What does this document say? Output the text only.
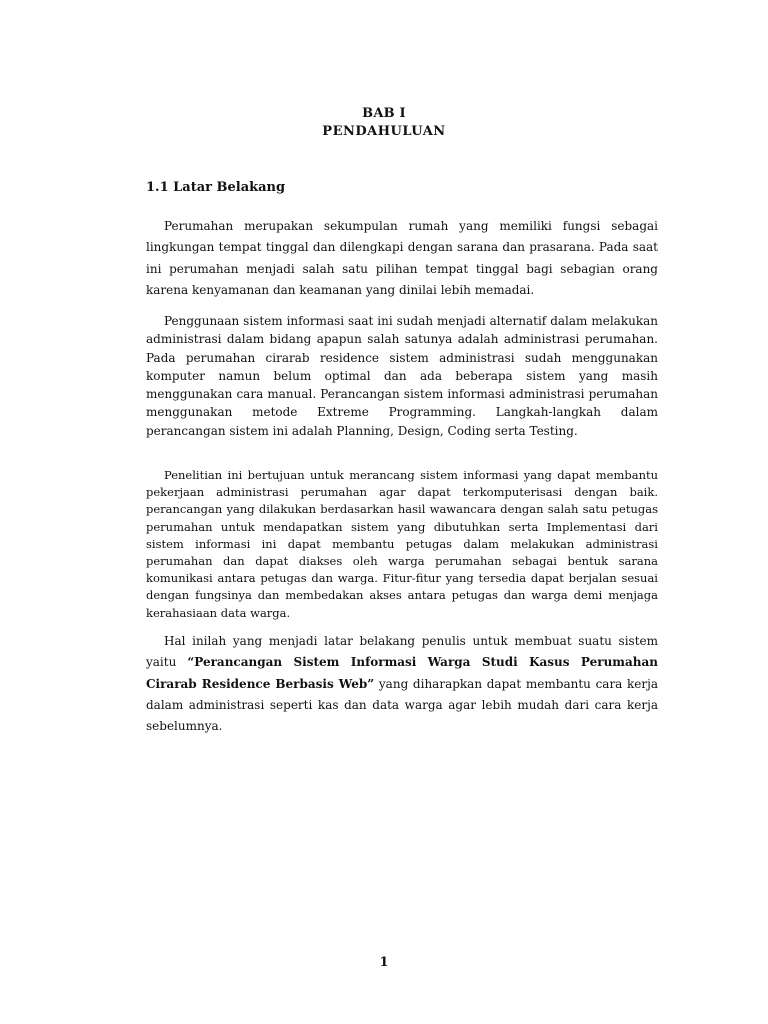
BAB I
PENDAHULUAN
1.1 Latar Belakang

Perumahan merupakan sekumpulan rumah yang memiliki fungsi sebagai lingkungan tempat tinggal dan dilengkapi dengan sarana dan prasarana. Pada saat ini perumahan menjadi salah satu pilihan tempat tinggal bagi sebagian orang karena kenyamanan dan keamanan yang dinilai lebih memadai.

Penggunaan sistem informasi saat ini sudah menjadi alternatif dalam melakukan administrasi dalam bidang apapun salah satunya adalah administrasi perumahan. Pada perumahan cirarab residence sistem administrasi sudah menggunakan komputer namun belum optimal dan ada beberapa sistem yang masih menggunakan cara manual. Perancangan sistem informasi administrasi perumahan menggunakan metode Extreme Programming. Langkah-langkah dalam perancangan sistem ini adalah Planning, Design, Coding serta Testing.

Penelitian ini bertujuan untuk merancang sistem informasi yang dapat membantu pekerjaan administrasi perumahan agar dapat terkomputerisasi dengan baik. perancangan yang dilakukan berdasarkan hasil wawancara dengan salah satu petugas perumahan untuk mendapatkan sistem yang dibutuhkan serta Implementasi dari sistem informasi ini dapat membantu petugas dalam melakukan administrasi perumahan dan dapat diakses oleh warga perumahan sebagai bentuk sarana komunikasi antara petugas dan warga. Fitur-fitur yang tersedia dapat berjalan sesuai dengan fungsinya dan membedakan akses antara petugas dan warga demi menjaga kerahasiaan data warga.

Hal inilah yang menjadi latar belakang penulis untuk membuat suatu sistem yaitu “Perancangan Sistem Informasi Warga Studi Kasus Perumahan Cirarab Residence Berbasis Web” yang diharapkan dapat membantu cara kerja dalam administrasi seperti kas dan data warga agar lebih mudah dari cara kerja sebelumnya.

1
